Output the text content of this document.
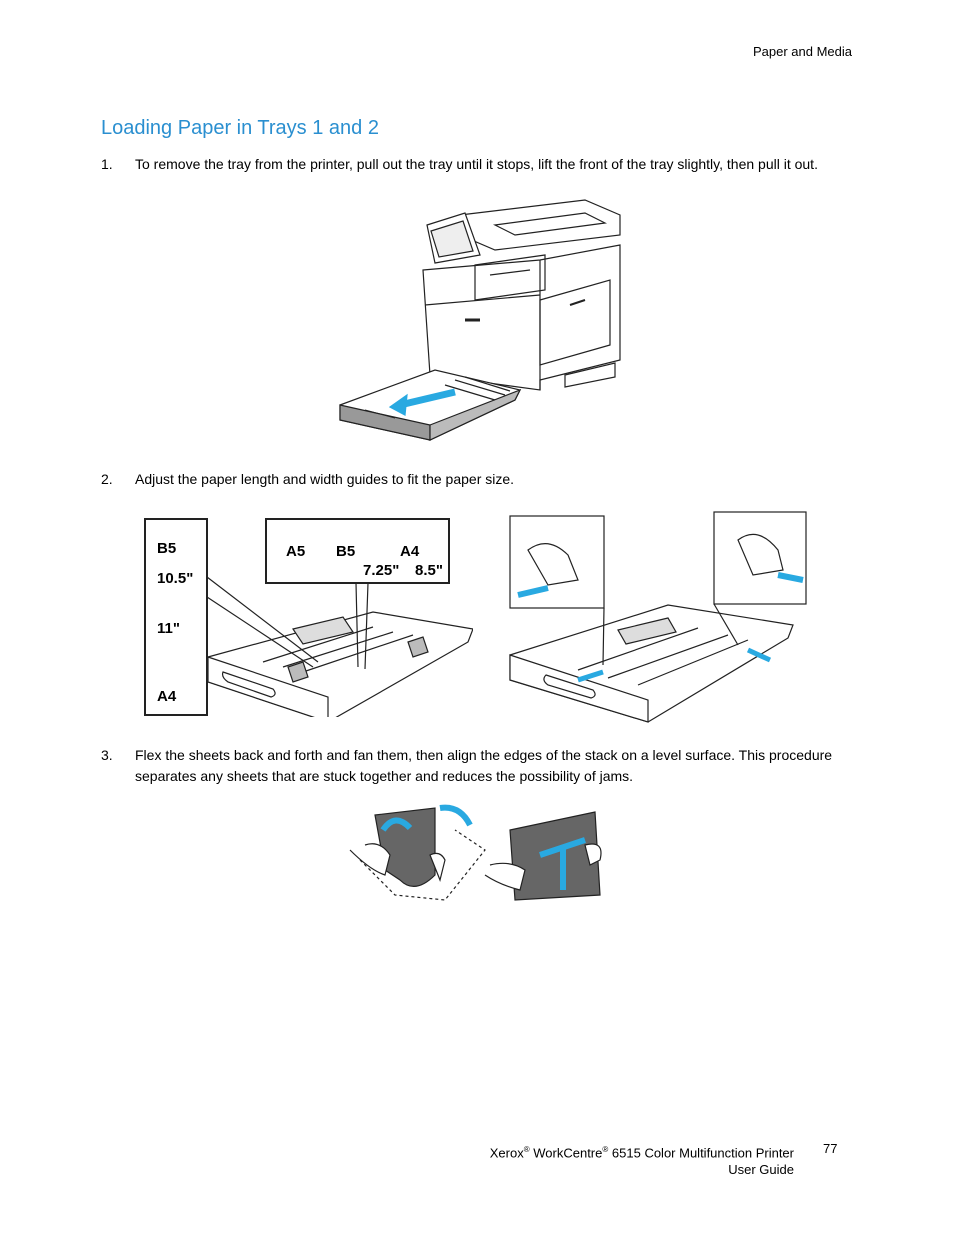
Paper and Media
Loading Paper in Trays 1 and 2
1. To remove the tray from the printer, pull out the tray until it stops, lift the front of the tray slightly, then pull it out.
2. Adjust the paper length and width guides to fit the paper size.
B5
10.5"
11"
A4
A5 B5	A4
7.25" 8.5"
3. Flex the sheets back and forth and fan them, then align the edges of the stack on a level surface. This procedure separates any sheets that are stuck together and reduces the possibility of jams.
Xerox® WorkCentre® 6515 Color Multifunction Printer
User Guide
77
